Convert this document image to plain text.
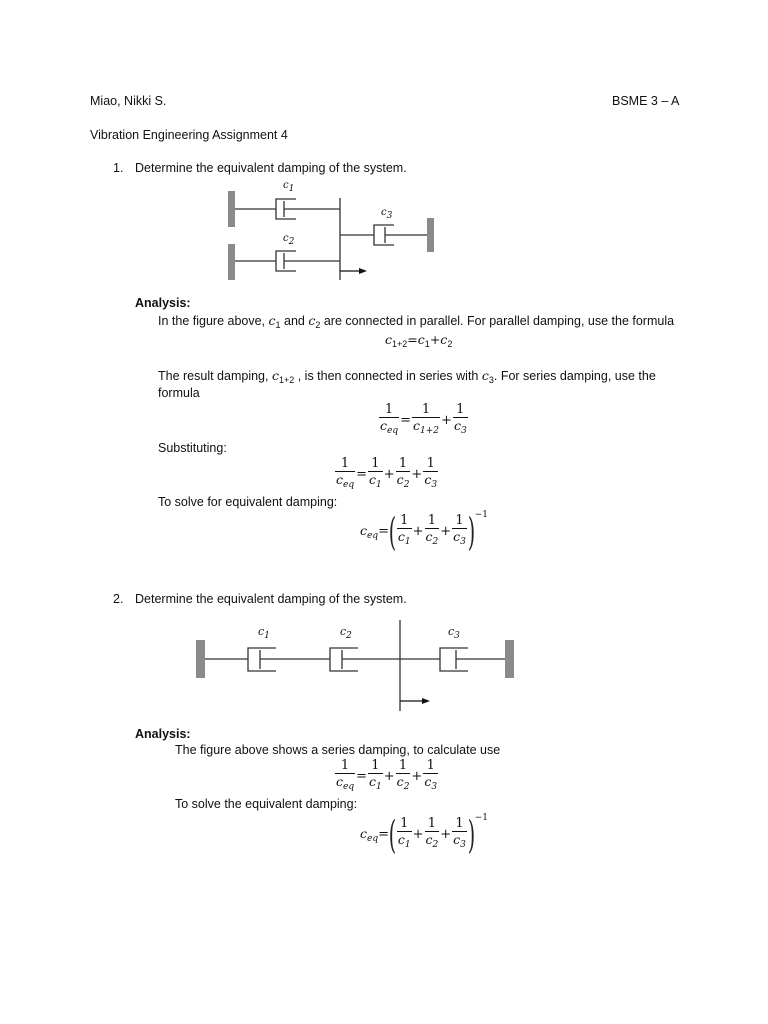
Miao, Nikki S.	BSME 3 – A
Vibration Engineering Assignment 4
1. Determine the equivalent damping of the system.
$c_1$
$c_2$
$c_3$
Analysis:
In the figure above, $c_1$ and $c_2$ are connected in parallel. For parallel damping, use the formula
$c_{1+2}=c_1+c_2$
The result damping, $c_{1+2}$ , is then connected in series with $c_3$. For series damping, use the
formula
$\frac{1}{c_{eq}} = \frac{1}{c_{1+2}} + \frac{1}{c_3}$
Substituting:
$\frac{1}{c_{eq}} = \frac{1}{c_1} + \frac{1}{c_2} + \frac{1}{c_3}$
To solve for equivalent damping:
$c_{eq}=( \frac{1}{c_1} + \frac{1}{c_2} + \frac{1}{c_3} )^{-1}$
2. Determine the equivalent damping of the system.
$c_1$	$c_2$	$c_3$
Analysis:
The figure above shows a series damping, to calculate use
$\frac{1}{c_{eq}} = \frac{1}{c_1} + \frac{1}{c_2} + \frac{1}{c_3}$
To solve the equivalent damping:
$c_{eq}=( \frac{1}{c_1} + \frac{1}{c_2} + \frac{1}{c_3} )^{-1}$
